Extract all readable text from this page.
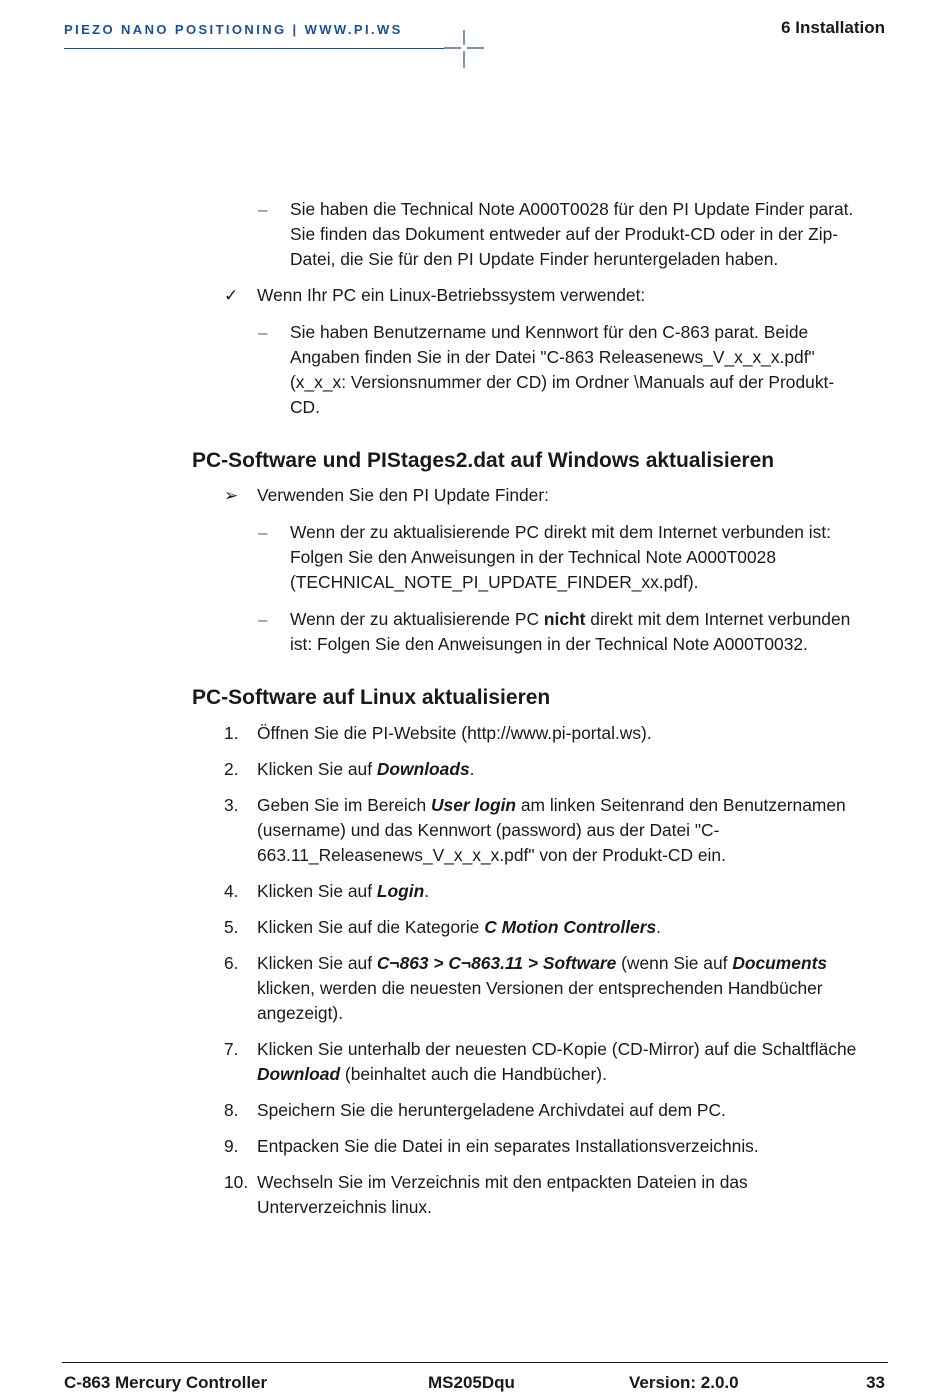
PIEZO NANO POSITIONING | WWW.PI.WS	6 Installation
– Sie haben die Technical Note A000T0028 für den PI Update Finder parat.
Sie finden das Dokument entweder auf der Produkt-CD oder in der Zip-
Datei, die Sie für den PI Update Finder heruntergeladen haben.
✓ Wenn Ihr PC ein Linux-Betriebssystem verwendet:
– Sie haben Benutzername und Kennwort für den C-863 parat. Beide
Angaben finden Sie in der Datei "C-863 Releasenews_V_x_x_x.pdf"
(x_x_x: Versionsnummer der CD) im Ordner \Manuals auf der Produkt-
CD.
PC-Software und PIStages2.dat auf Windows aktualisieren
➢ Verwenden Sie den PI Update Finder:
– Wenn der zu aktualisierende PC direkt mit dem Internet verbunden ist:
Folgen Sie den Anweisungen in der Technical Note A000T0028
(TECHNICAL_NOTE_PI_UPDATE_FINDER_xx.pdf).
– Wenn der zu aktualisierende PC nicht direkt mit dem Internet verbunden
ist: Folgen Sie den Anweisungen in der Technical Note A000T0032.
PC-Software auf Linux aktualisieren
1.	Öffnen Sie die PI-Website (http://www.pi-portal.ws).
2.	Klicken Sie auf Downloads.
3.	Geben Sie im Bereich User login am linken Seitenrand den Benutzernamen
(username) und das Kennwort (password) aus der Datei "C-
663.11_Releasenews_V_x_x_x.pdf" von der Produkt-CD ein.
4.	Klicken Sie auf Login.
5.	Klicken Sie auf die Kategorie C Motion Controllers.
6.	Klicken Sie auf C¬863 > C¬863.11 > Software (wenn Sie auf Documents
klicken, werden die neuesten Versionen der entsprechenden Handbücher
angezeigt).
7.	Klicken Sie unterhalb der neuesten CD-Kopie (CD-Mirror) auf die Schaltfläche
Download (beinhaltet auch die Handbücher).
8.	Speichern Sie die heruntergeladene Archivdatei auf dem PC.
9.	Entpacken Sie die Datei in ein separates Installationsverzeichnis.
10. Wechseln Sie im Verzeichnis mit den entpackten Dateien in das
Unterverzeichnis linux.
C-863 Mercury Controller	MS205Dqu	Version: 2.0.0	33
